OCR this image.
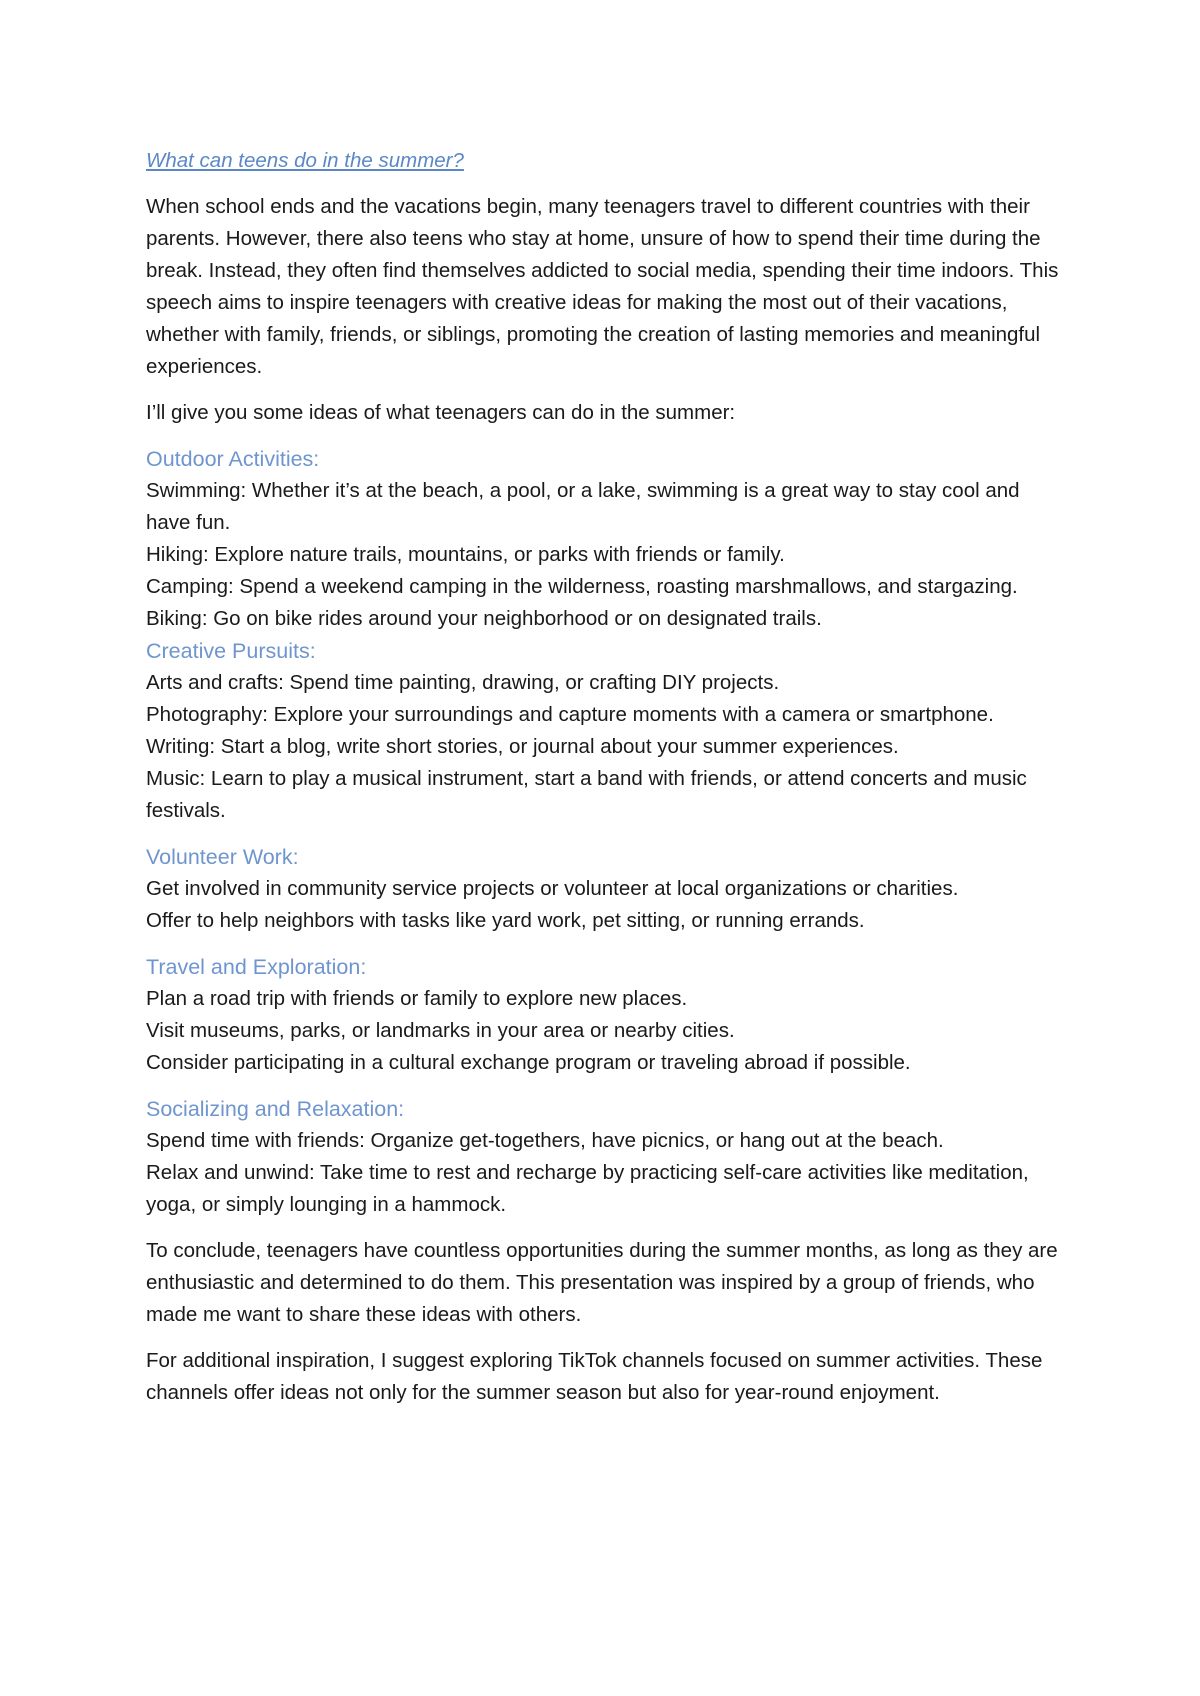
What can teens do in the summer?

When school ends and the vacations begin, many teenagers travel to different countries with their parents. However, there also teens who stay at home, unsure of how to spend their time during the break. Instead, they often find themselves addicted to social media, spending their time indoors. This speech aims to inspire teenagers with creative ideas for making the most out of their vacations, whether with family, friends, or siblings, promoting the creation of lasting memories and meaningful experiences.

I’ll give you some ideas of what teenagers can do in the summer:

Outdoor Activities:
Swimming: Whether it’s at the beach, a pool, or a lake, swimming is a great way to stay cool and have fun.
Hiking: Explore nature trails, mountains, or parks with friends or family.
Camping: Spend a weekend camping in the wilderness, roasting marshmallows, and stargazing.
Biking: Go on bike rides around your neighborhood or on designated trails.
Creative Pursuits:
Arts and crafts: Spend time painting, drawing, or crafting DIY projects.
Photography: Explore your surroundings and capture moments with a camera or smartphone.
Writing: Start a blog, write short stories, or journal about your summer experiences.
Music: Learn to play a musical instrument, start a band with friends, or attend concerts and music festivals.
Volunteer Work:
Get involved in community service projects or volunteer at local organizations or charities.
Offer to help neighbors with tasks like yard work, pet sitting, or running errands.
Travel and Exploration:
Plan a road trip with friends or family to explore new places.
Visit museums, parks, or landmarks in your area or nearby cities.
Consider participating in a cultural exchange program or traveling abroad if possible.
Socializing and Relaxation:
Spend time with friends: Organize get-togethers, have picnics, or hang out at the beach.
Relax and unwind: Take time to rest and recharge by practicing self-care activities like meditation, yoga, or simply lounging in a hammock.

To conclude, teenagers have countless opportunities during the summer months, as long as they are enthusiastic and determined to do them. This presentation was inspired by a group of friends, who made me want to share these ideas with others.

For additional inspiration, I suggest exploring TikTok channels focused on summer activities. These channels offer ideas not only for the summer season but also for year-round enjoyment.
